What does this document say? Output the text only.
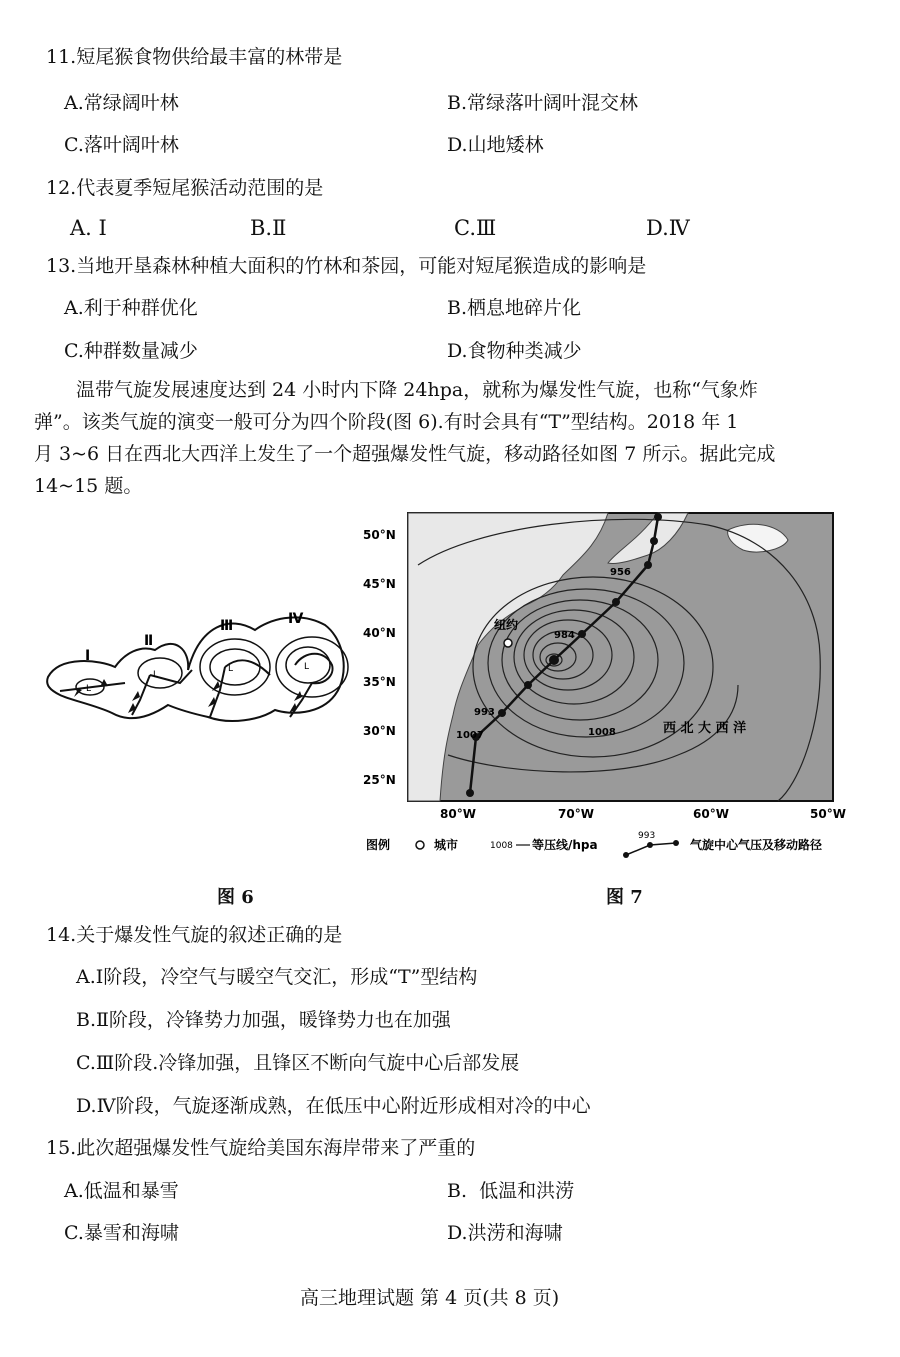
11.短尾猴食物供给最丰富的林带是
A.常绿阔叶林	B.常绿落叶阔叶混交林
C.落叶阔叶林	D.山地矮林
12.代表夏季短尾猴活动范围的是
A. Ⅰ	B.Ⅱ	C.Ⅲ	D.Ⅳ
13.当地开垦森林种植大面积的竹林和茶园，可能对短尾猴造成的影响是
A.利于种群优化	B.栖息地碎片化
C.种群数量减少	D.食物种类减少
温带气旋发展速度达到 24 小时内下降 24hpa，就称为爆发性气旋，也称“气象炸
弹”。该类气旋的演变一般可分为四个阶段(图 6).有时会具有“T”型结构。2018 年 1
月 3~6 日在西北大西洋上发生了一个超强爆发性气旋，移动路径如图 7 所示。据此完成
14~15 题。
L
L
L	L
Ⅰ
Ⅱ
Ⅲ	Ⅳ
图 6
纽约
956
984
993
1007	1008	西 北 大 西 洋
50°N
45°N
40°N
35°N
30°N
25°N
80°W	70°W	60°W	50°W
图例	城市	1008 等压线/hpa
993
气旋中心气压及移动路径
图 7
14.关于爆发性气旋的叙述正确的是
A.Ⅰ阶段，冷空气与暖空气交汇，形成“T”型结构
B.Ⅱ阶段，冷锋势力加强，暖锋势力也在加强
C.Ⅲ阶段.冷锋加强，且锋区不断向气旋中心后部发展
D.Ⅳ阶段，气旋逐渐成熟，在低压中心附近形成相对冷的中心
15.此次超强爆发性气旋给美国东海岸带来了严重的
A.低温和暴雪	B.  低温和洪涝
C.暴雪和海啸	D.洪涝和海啸
高三地理试题 第 4 页(共 8 页)
